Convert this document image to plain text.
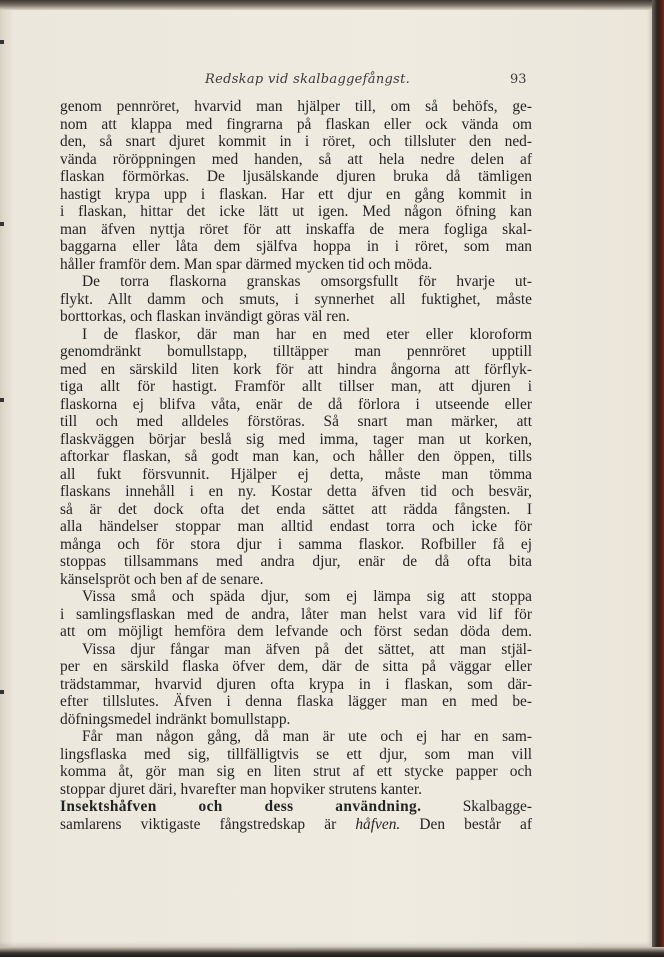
Redskap vid skalbaggefångst.	93
genom pennröret, hvarvid man hjälper till, om så behöfs, ge-
nom att klappa med fingrarna på flaskan eller ock vända om
den, så snart djuret kommit in i röret, och tillsluter den ned-
vända röröppningen med handen, så att hela nedre delen af
flaskan förmörkas. De ljusälskande djuren bruka då tämligen
hastigt krypa upp i flaskan. Har ett djur en gång kommit in
i flaskan, hittar det icke lätt ut igen. Med någon öfning kan
man äfven nyttja röret för att inskaffa de mera fogliga skal-
baggarna eller låta dem själfva hoppa in i röret, som man
håller framför dem. Man spar därmed mycken tid och möda.
De torra flaskorna granskas omsorgsfullt för hvarje ut-
flykt. Allt damm och smuts, i synnerhet all fuktighet, måste
borttorkas, och flaskan invändigt göras väl ren.
I de flaskor, där man har en med eter eller kloroform
genomdränkt bomullstapp, tilltäpper man pennröret upptill
med en särskild liten kork för att hindra ångorna att förflyk-
tiga allt för hastigt. Framför allt tillser man, att djuren i
flaskorna ej blifva våta, enär de då förlora i utseende eller
till och med alldeles förstöras. Så snart man märker, att
flaskväggen börjar beslå sig med imma, tager man ut korken,
aftorkar flaskan, så godt man kan, och håller den öppen, tills
all fukt försvunnit. Hjälper ej detta, måste man tömma
flaskans innehåll i en ny. Kostar detta äfven tid och besvär,
så är det dock ofta det enda sättet att rädda fångsten. I
alla händelser stoppar man alltid endast torra och icke för
många och för stora djur i samma flaskor. Rofbiller få ej
stoppas tillsammans med andra djur, enär de då ofta bita
känselspröt och ben af de senare.
Vissa små och späda djur, som ej lämpa sig att stoppa
i samlingsflaskan med de andra, låter man helst vara vid lif för
att om möjligt hemföra dem lefvande och först sedan döda dem.
Vissa djur fångar man äfven på det sättet, att man stjäl-
per en särskild flaska öfver dem, där de sitta på väggar eller
trädstammar, hvarvid djuren ofta krypa in i flaskan, som där-
efter tillslutes. Äfven i denna flaska lägger man en med be-
döfningsmedel indränkt bomullstapp.
Får man någon gång, då man är ute och ej har en sam-
lingsflaska med sig, tillfälligtvis se ett djur, som man vill
komma åt, gör man sig en liten strut af ett stycke papper och
stoppar djuret däri, hvarefter man hopviker strutens kanter.
Insektshåfven och dess användning.	Skalbagge-
samlarens viktigaste fångstredskap är håfven. Den består af
